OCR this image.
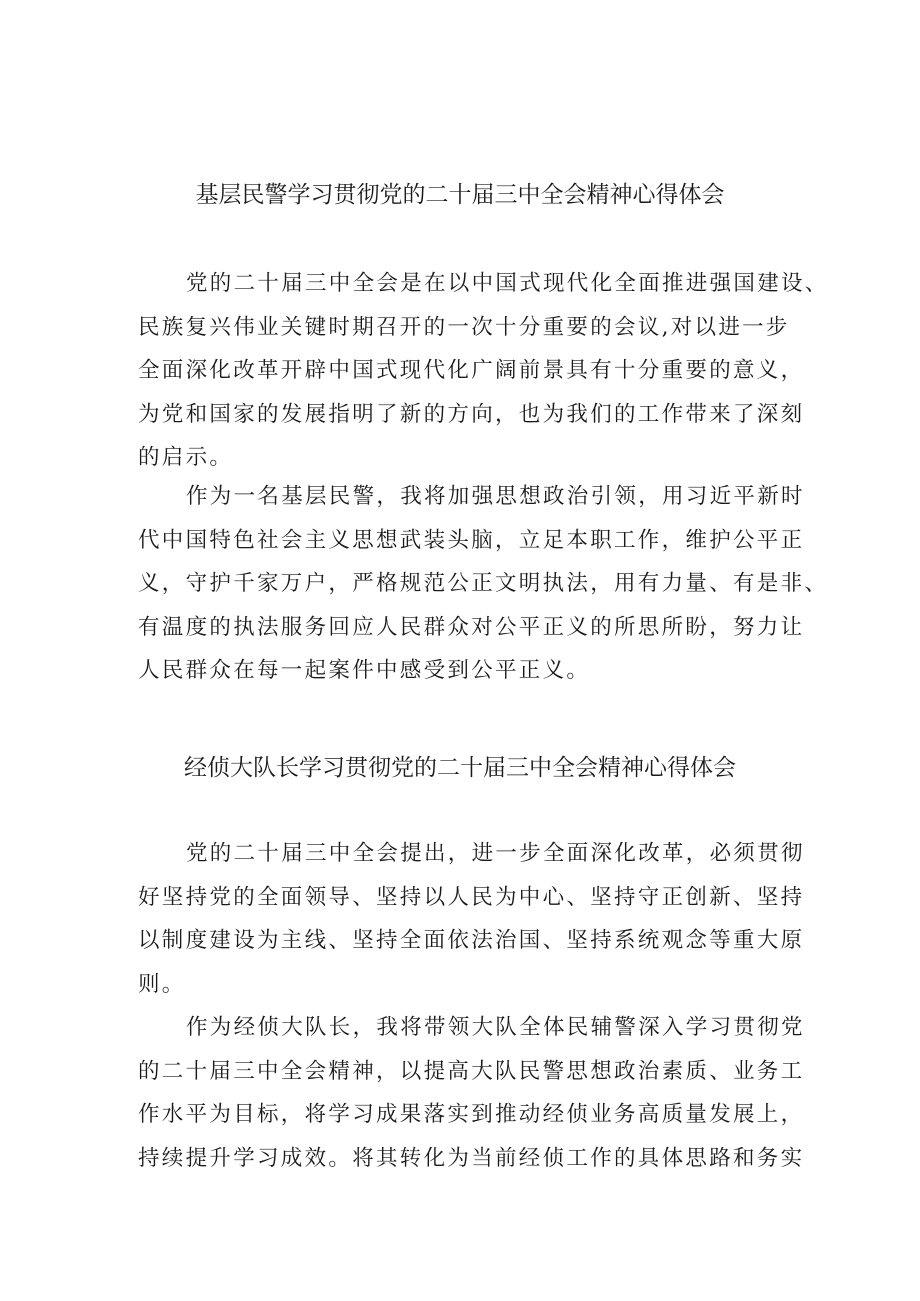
基层民警学习贯彻党的二十届三中全会精神心得体会

党的二十届三中全会是在以中国式现代化全面推进强国建设、
民族复兴伟业关键时期召开的一次十分重要的会议,对以进一步
全面深化改革开辟中国式现代化广阔前景具有十分重要的意义，
为党和国家的发展指明了新的方向，也为我们的工作带来了深刻
的启示。

作为一名基层民警，我将加强思想政治引领，用习近平新时
代中国特色社会主义思想武装头脑，立足本职工作，维护公平正
义，守护千家万户，严格规范公正文明执法，用有力量、有是非、
有温度的执法服务回应人民群众对公平正义的所思所盼，努力让
人民群众在每一起案件中感受到公平正义。

经侦大队长学习贯彻党的二十届三中全会精神心得体会

党的二十届三中全会提出，进一步全面深化改革，必须贯彻
好坚持党的全面领导、坚持以人民为中心、坚持守正创新、坚持
以制度建设为主线、坚持全面依法治国、坚持系统观念等重大原
则。

作为经侦大队长，我将带领大队全体民辅警深入学习贯彻党
的二十届三中全会精神，以提高大队民警思想政治素质、业务工
作水平为目标，将学习成果落实到推动经侦业务高质量发展上，
持续提升学习成效。将其转化为当前经侦工作的具体思路和务实
